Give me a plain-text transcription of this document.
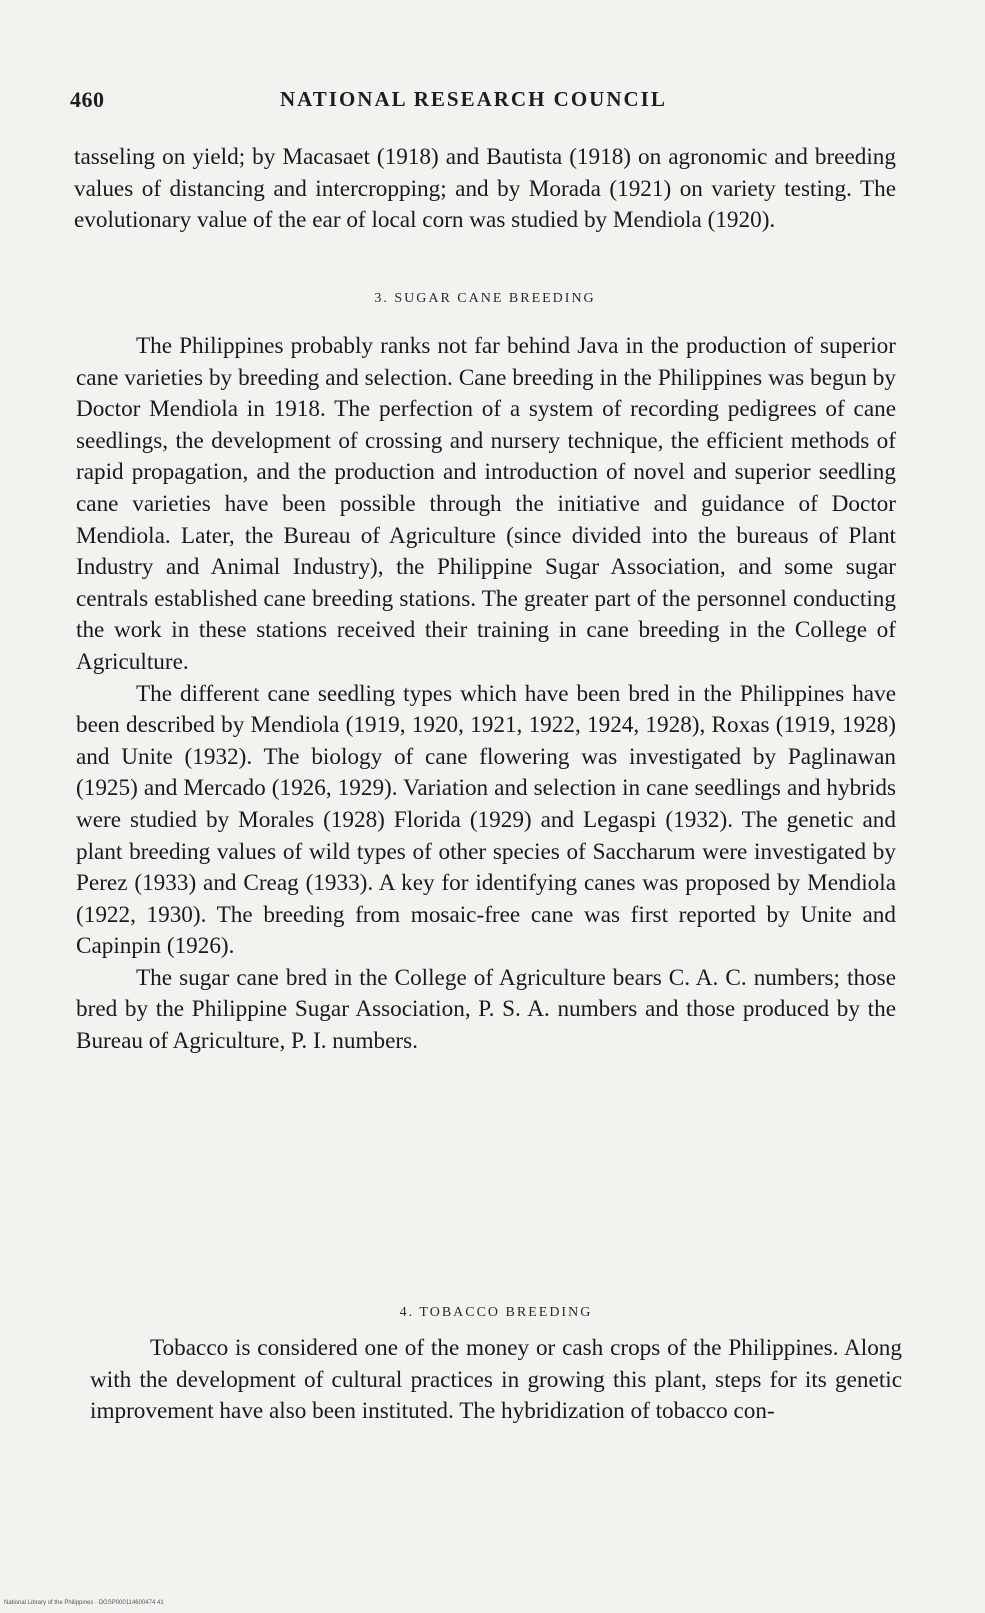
460	NATIONAL RESEARCH COUNCIL

tasseling on yield; by Macasaet (1918) and Bautista (1918) on agronomic and breeding values of distancing and intercropping; and by Morada (1921) on variety testing. The evolutionary value of the ear of local corn was studied by Mendiola (1920).

3. SUGAR CANE BREEDING

The Philippines probably ranks not far behind Java in the production of superior cane varieties by breeding and selection. Cane breeding in the Philippines was begun by Doctor Mendiola in 1918. The perfection of a system of recording pedigrees of cane seedlings, the development of crossing and nursery technique, the efficient methods of rapid propagation, and the production and introduction of novel and superior seedling cane varieties have been possible through the initiative and guidance of Doctor Mendiola. Later, the Bureau of Agriculture (since divided into the bureaus of Plant Industry and Animal Industry), the Philippine Sugar Association, and some sugar centrals established cane breeding stations. The greater part of the personnel conducting the work in these stations received their training in cane breeding in the College of Agriculture.

The different cane seedling types which have been bred in the Philippines have been described by Mendiola (1919, 1920, 1921, 1922, 1924, 1928), Roxas (1919, 1928) and Unite (1932). The biology of cane flowering was investigated by Paglinawan (1925) and Mercado (1926, 1929). Variation and selection in cane seedlings and hybrids were studied by Morales (1928) Florida (1929) and Legaspi (1932). The genetic and plant breeding values of wild types of other species of Saccharum were investigated by Perez (1933) and Creag (1933). A key for identifying canes was proposed by Mendiola (1922, 1930). The breeding from mosaic-free cane was first reported by Unite and Capinpin (1926).

The sugar cane bred in the College of Agriculture bears C. A. C. numbers; those bred by the Philippine Sugar Association, P. S. A. numbers and those produced by the Bureau of Agriculture, P. I. numbers.

4. TOBACCO BREEDING

Tobacco is considered one of the money or cash crops of the Philippines. Along with the development of cultural practices in growing this plant, steps for its genetic improvement have also been instituted. The hybridization of tobacco con-

National Library of the Philippines · DGSP000114600474 41
